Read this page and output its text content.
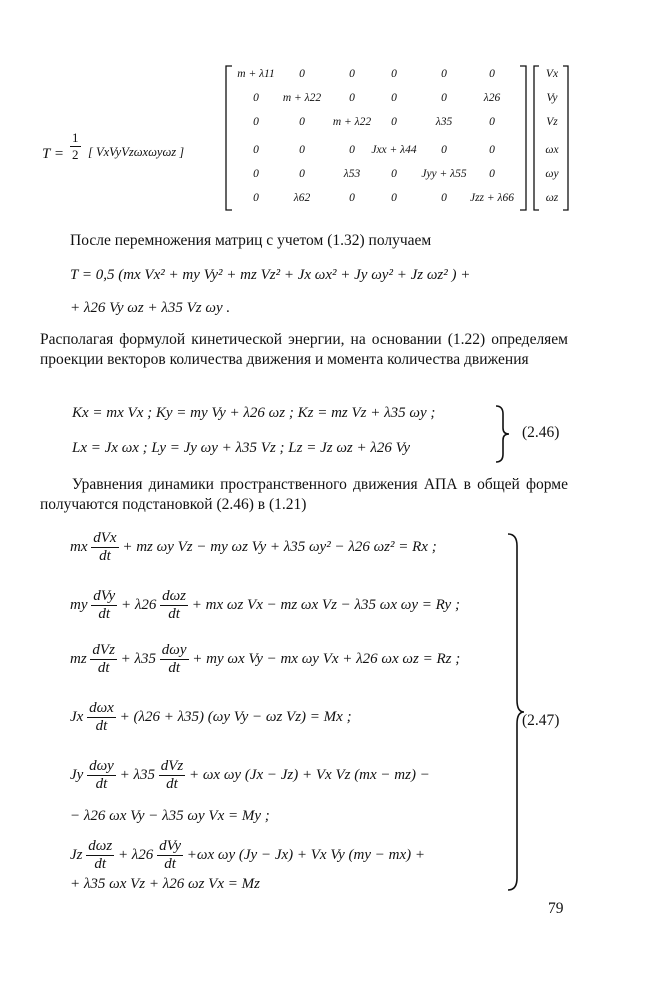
$T = \frac{1}{2}$ [ VxVyVzωxωyωz ]
m + λ11	0	0	0	0	0
0	m + λ22	0	0	0	λ26
0	0	m + λ22	0	λ35	0
0	0	0	Jxx + λ44	0	0
0	0	λ53	0	Jyy + λ55	0
0	λ62	0	0	0	Jzz + λ66
Vx
Vy
Vz
ωx
ωy
ωz
После перемножения матриц с учетом (1.32) получаем
T = 0,5 (mx Vx² + my Vy² + mz Vz² + Jx ωx² + Jy ωy² + Jz ωz² ) +
+ λ26 Vy ωz + λ35 Vz ωy .
Располагая формулой кинетической энергии, на основании (1.22) определяем проекции векторов количества движения и момента количества движения
Kx = mx Vx ; Ky = my Vy + λ26 ωz ; Kz = mz Vz + λ35 ωy ;
Lx = Jx ωx ; Ly = Jy ωy + λ35 Vz ; Lz = Jz ωz + λ26 Vy
(2.46)
Уравнения динамики пространственного движения АПА в общей форме получаются подстановкой (2.46) в (1.21)
mx $\frac{\text{dVx}}{dt}$ + mz ωy Vz − my ωz Vy + λ35 ωy² − λ26 ωz² = Rx ;
my $\frac{\text{dVy}}{dt} + \lambda 26 \frac{\text{dωz}}{dt}$ + mx ωz Vx − mz ωx Vz − λ35 ωx ωy = Ry ;
mz $\frac{\text{dVz}}{dt} + \lambda 35 \frac{\text{dωy}}{dt}$ + my ωx Vy − mx ωy Vx + λ26 ωx ωz = Rz ;
Jx $\frac{\text{dωx}}{dt} + (\lambda 26 + \lambda 35)$ (ωy Vy − ωz Vz) = Mx ;	(2.47)
Jy $\frac{\text{dωy}}{dt} + \lambda 35 \frac{\text{dVz}}{dt} + \omega x$ ωy (Jx − Jz) + Vx Vz (mx − mz) −
− λ26 ωx Vy − λ35 ωy Vx = My ;
Jz $\frac{\text{dωz}}{dt} + \lambda 26 \frac{\text{dVy}}{dt} +\omega x$ ωy (Jy − Jx) + Vx Vy (my − mx) +
+ λ35 ωx Vz + λ26 ωz Vx = Mz
79
